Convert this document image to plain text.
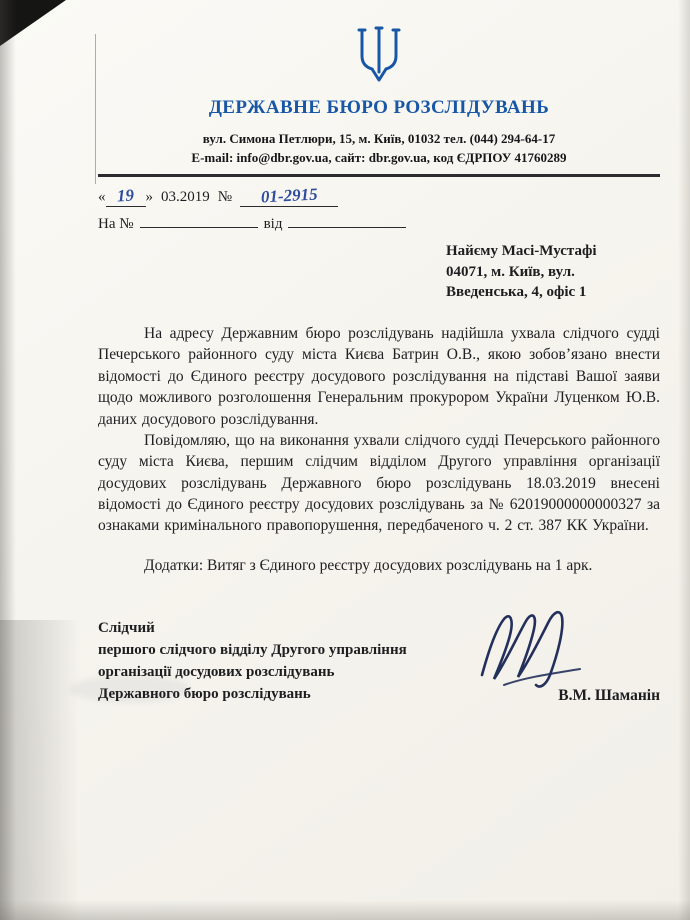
ДЕРЖАВНЕ БЮРО РОЗСЛІДУВАНЬ
вул. Симона Петлюри, 15, м. Київ, 01032 тел. (044) 294-64-17
E-mail: info@dbr.gov.ua, сайт: dbr.gov.ua, код ЄДРПОУ 41760289
« 19 » 03.2019 № 01-2915
На №	від
Найєму Масі-Мустафі
04071, м. Київ, вул.
Введенська, 4, офіс 1

На адресу Державним бюро розслідувань надійшла ухвала слідчого судді Печерського районного суду міста Києва Батрин О.В., якою зобов’язано внести відомості до Єдиного реєстру досудового розслідування на підставі Вашої заяви щодо можливого розголошення Генеральним прокурором України Луценком Ю.В. даних досудового розслідування.

Повідомляю, що на виконання ухвали слідчого судді Печерського районного суду міста Києва, першим слідчим відділом Другого управління організації досудових розслідувань Державного бюро розслідувань 18.03.2019 внесені відомості до Єдиного реєстру досудових розслідувань за № 62019000000000327 за ознаками кримінального правопорушення, передбаченого ч. 2 ст. 387 КК України.

Додатки: Витяг з Єдиного реєстру досудових розслідувань на 1 арк.

Слідчий
першого слідчого відділу Другого управління
організації досудових розслідувань
Державного бюро розслідувань	В.М. Шаманін
